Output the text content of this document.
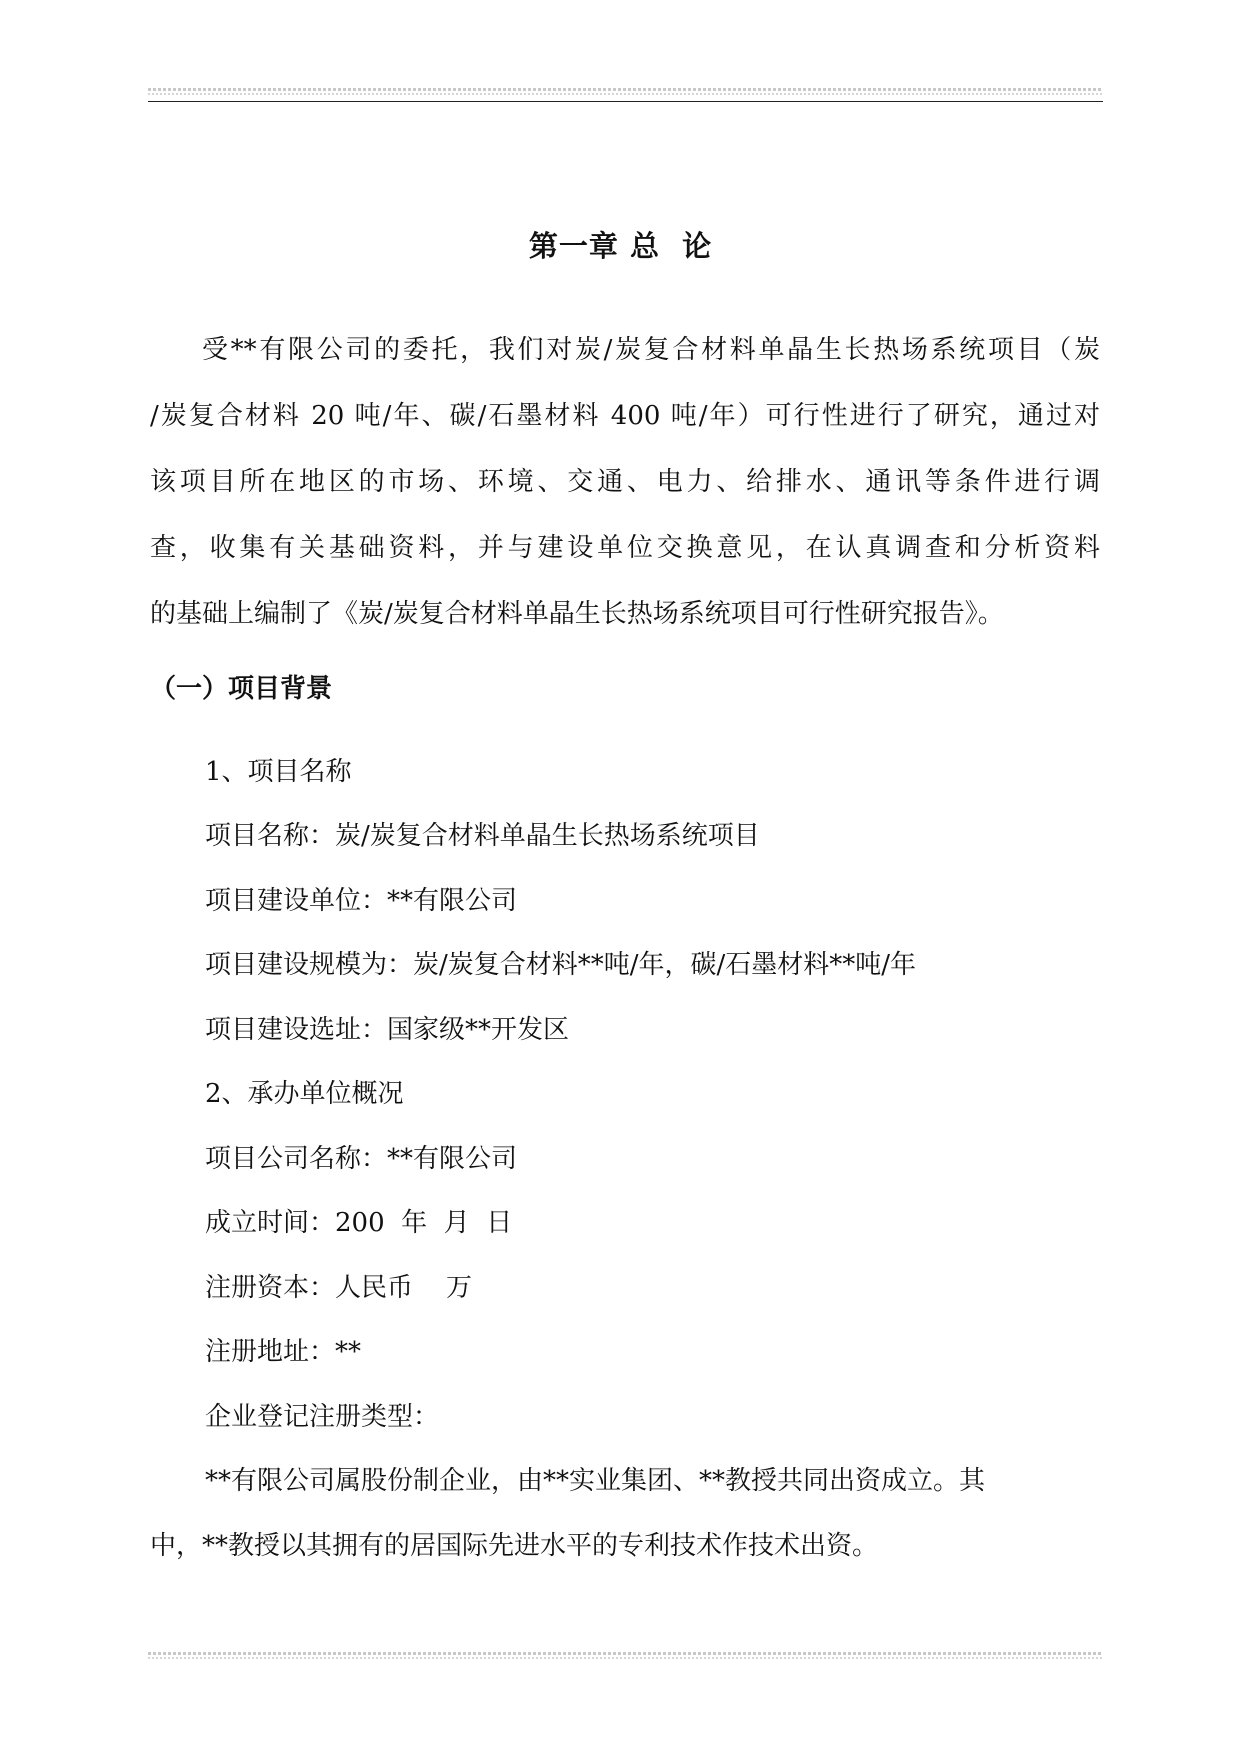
第一章 总  论
受**有限公司的委托，我们对炭/炭复合材料单晶生长热场系统项目（炭
/炭复合材料 20 吨/年、碳/石墨材料 400 吨/年）可行性进行了研究，通过对
该项目所在地区的市场、环境、交通、电力、给排水、通讯等条件进行调
查，收集有关基础资料，并与建设单位交换意见，在认真调查和分析资料
的基础上编制了《炭/炭复合材料单晶生长热场系统项目可行性研究报告》。
（一）项目背景
1、项目名称
项目名称：炭/炭复合材料单晶生长热场系统项目
项目建设单位：**有限公司
项目建设规模为：炭/炭复合材料**吨/年，碳/石墨材料**吨/年
项目建设选址：国家级**开发区
2、承办单位概况
项目公司名称：**有限公司
成立时间：200  年  月  日
注册资本：人民币    万
注册地址：**
企业登记注册类型：
**有限公司属股份制企业，由**实业集团、**教授共同出资成立。其
中，**教授以其拥有的居国际先进水平的专利技术作技术出资。
